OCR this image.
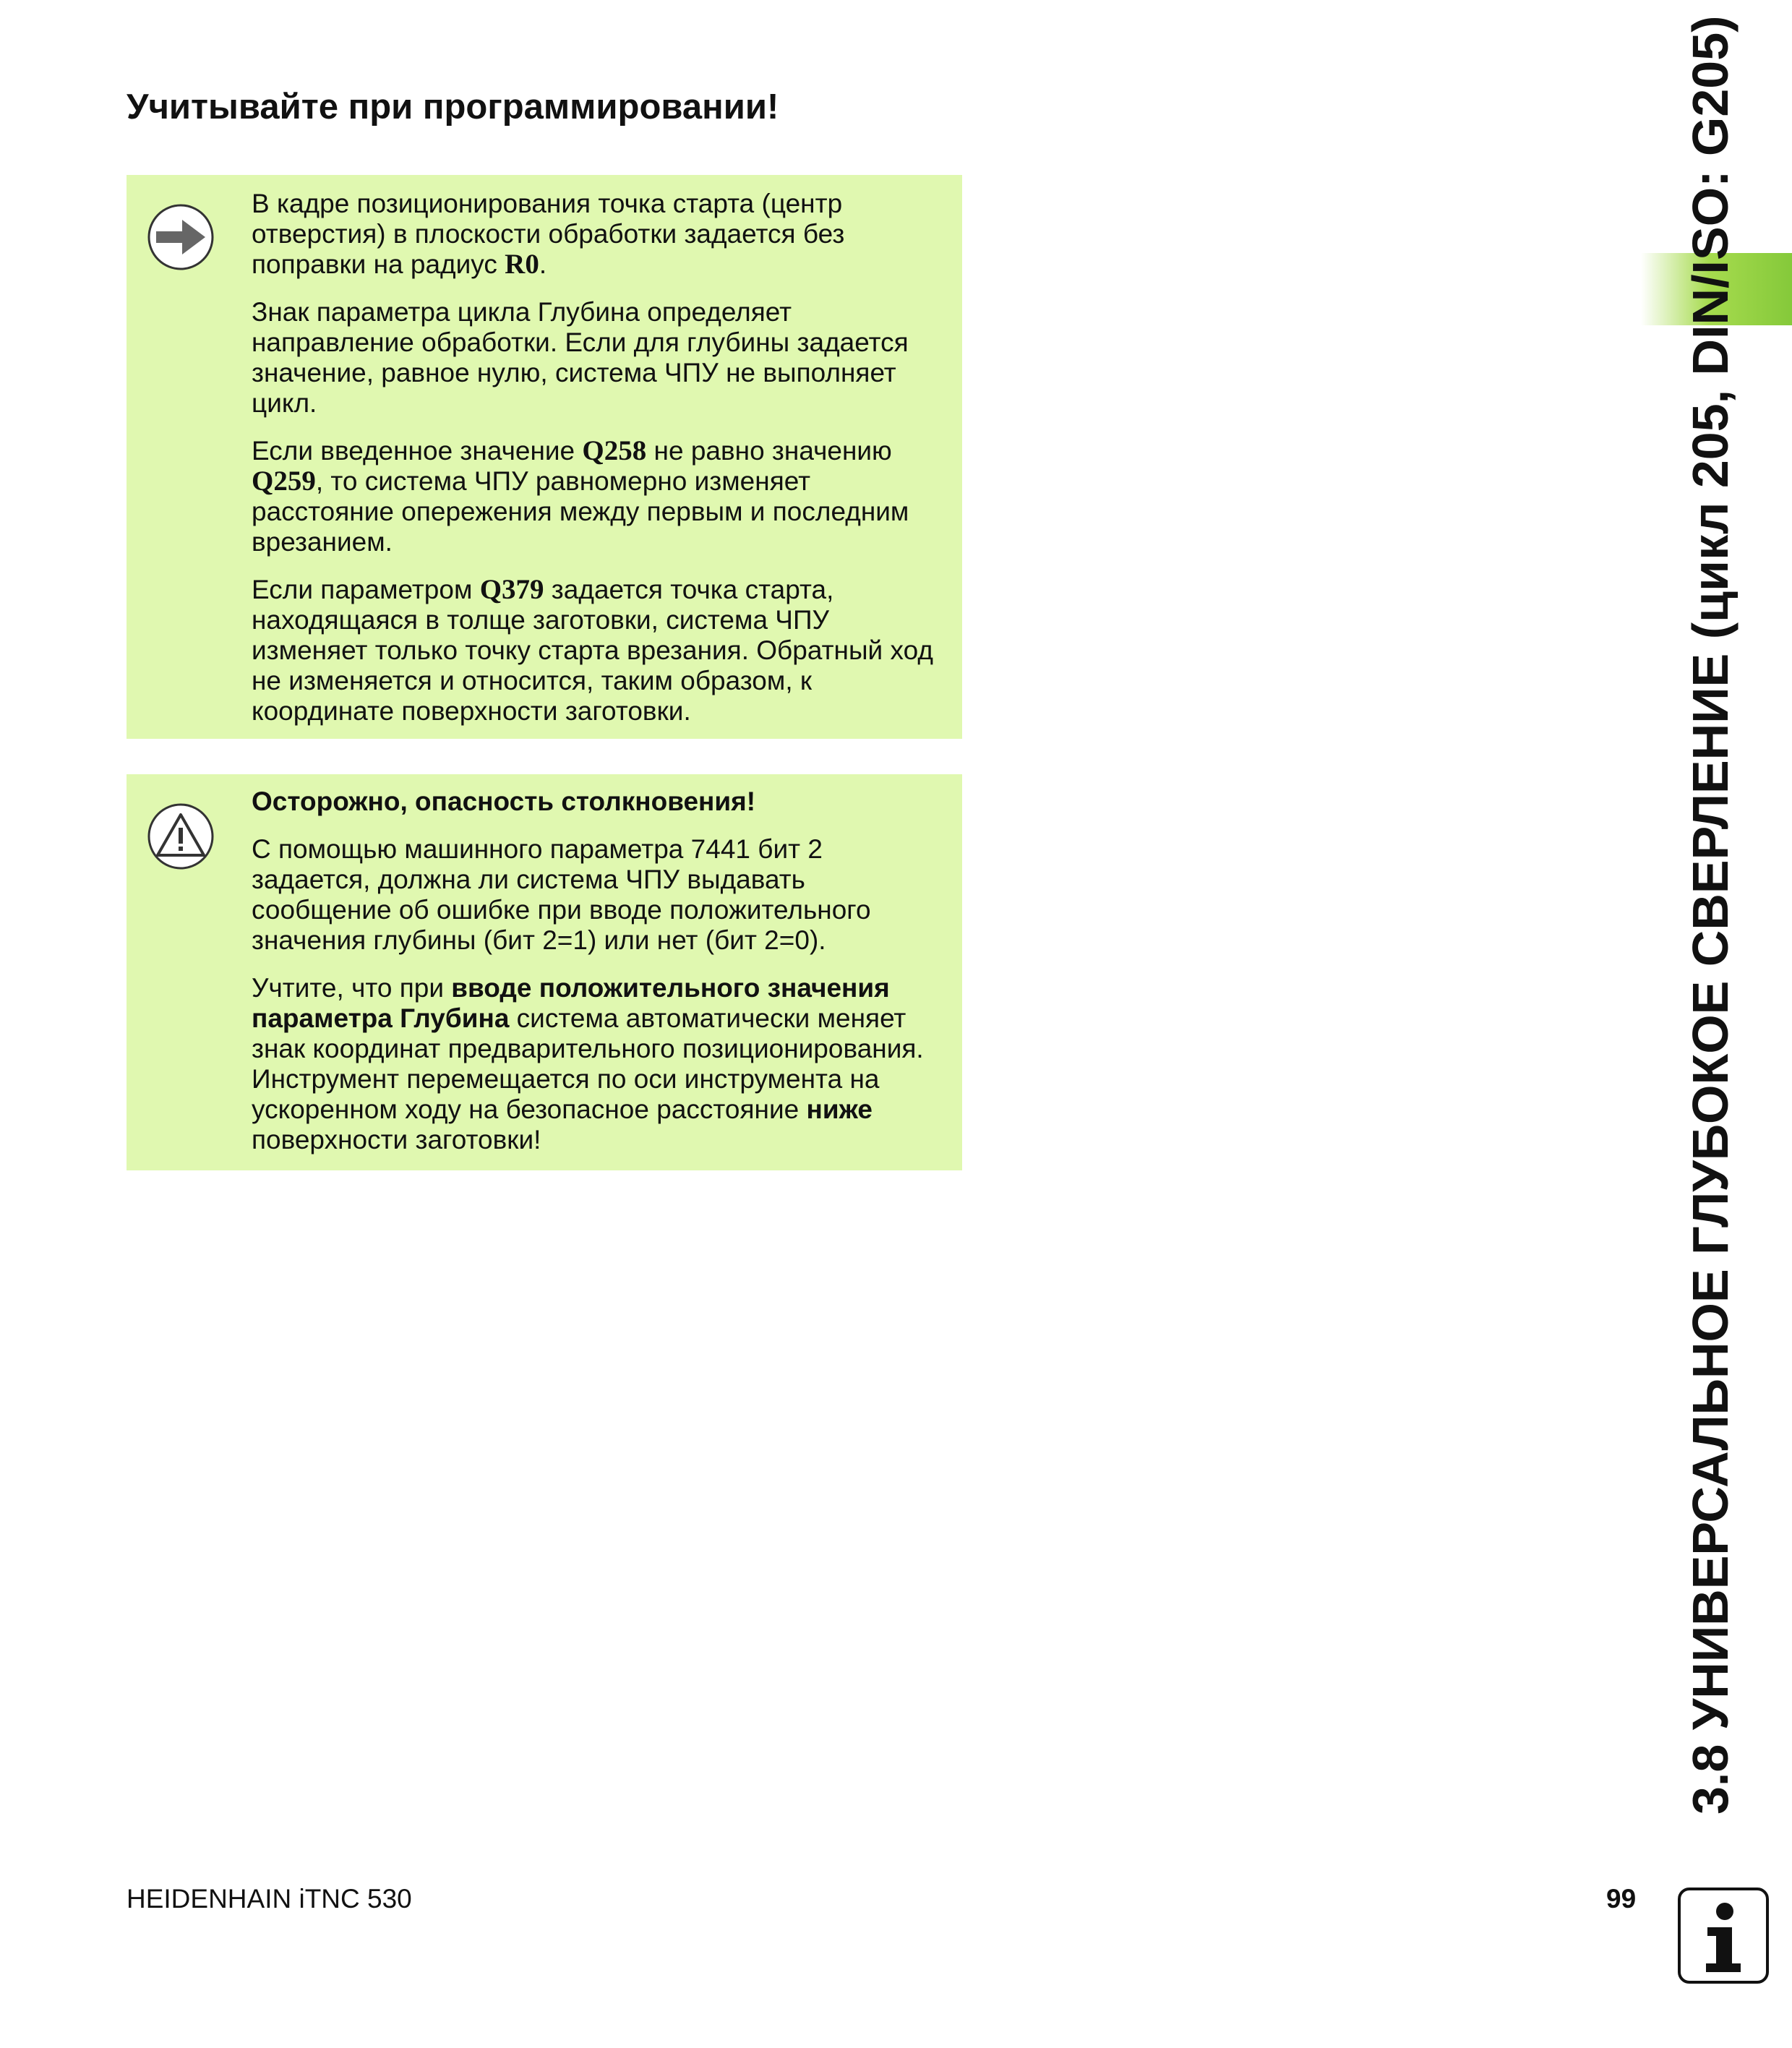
Учитывайте при программировании!

В кадре позиционирования точка старта (центр отверстия) в плоскости обработки задается без поправки на радиус R0.

Знак параметра цикла Глубина определяет направление обработки. Если для глубины задается значение, равное нулю, система ЧПУ не выполняет цикл.

Если введенное значение Q258 не равно значению Q259, то система ЧПУ равномерно изменяет расстояние опережения между первым и последним врезанием.

Если параметром Q379 задается точка старта, находящаяся в толще заготовки, система ЧПУ изменяет только точку старта врезания. Обратный ход не изменяется и относится, таким образом, к координате поверхности заготовки.

Осторожно, опасность столкновения!

С помощью машинного параметра 7441 бит 2 задается, должна ли система ЧПУ выдавать сообщение об ошибке при вводе положительного значения глубины (бит 2=1) или нет (бит 2=0).

Учтите, что при вводе положительного значения параметра Глубина система автоматически меняет знак координат предварительного позиционирования. Инструмент перемещается по оси инструмента на ускоренном ходу на безопасное расстояние ниже поверхности заготовки!	3.8 УНИВЕРСАЛЬНОЕ ГЛУБОКОЕ СВЕРЛЕНИЕ (цикл 205, DIN/ISO: G205)
HEIDENHAIN iTNC 530	99
